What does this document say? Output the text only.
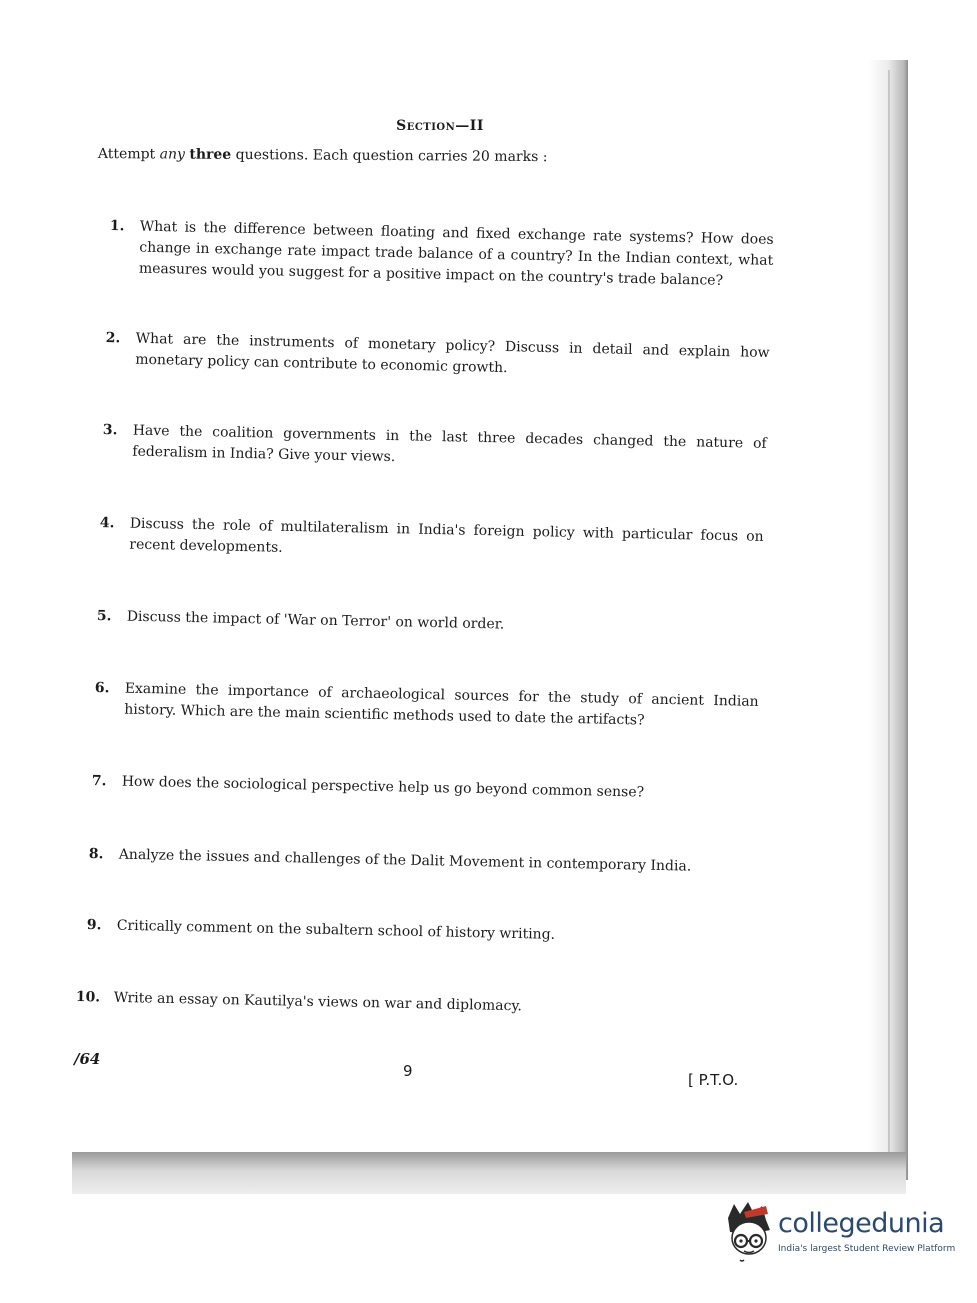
Section—II
Attempt any three questions. Each question carries 20 marks :
1.	What is the difference between floating and fixed exchange rate systems? How does change in exchange rate impact trade balance of a country? In the Indian context, what measures would you suggest for a positive impact on the country's trade balance?
2.	What are the instruments of monetary policy? Discuss in detail and explain how monetary policy can contribute to economic growth.
3.	Have the coalition governments in the last three decades changed the nature of federalism in India? Give your views.
4.	Discuss the role of multilateralism in India's foreign policy with particular focus on recent developments.
5.	Discuss the impact of 'War on Terror' on world order.
6.	Examine the importance of archaeological sources for the study of ancient Indian history. Which are the main scientific methods used to date the artifacts?
7.	How does the sociological perspective help us go beyond common sense?
8.	Analyze the issues and challenges of the Dalit Movement in contemporary India.
9.	Critically comment on the subaltern school of history writing.
10. Write an essay on Kautilya's views on war and diplomacy.
/64
9	[ P.T.O.
collegedunia
India's largest Student Review Platform
